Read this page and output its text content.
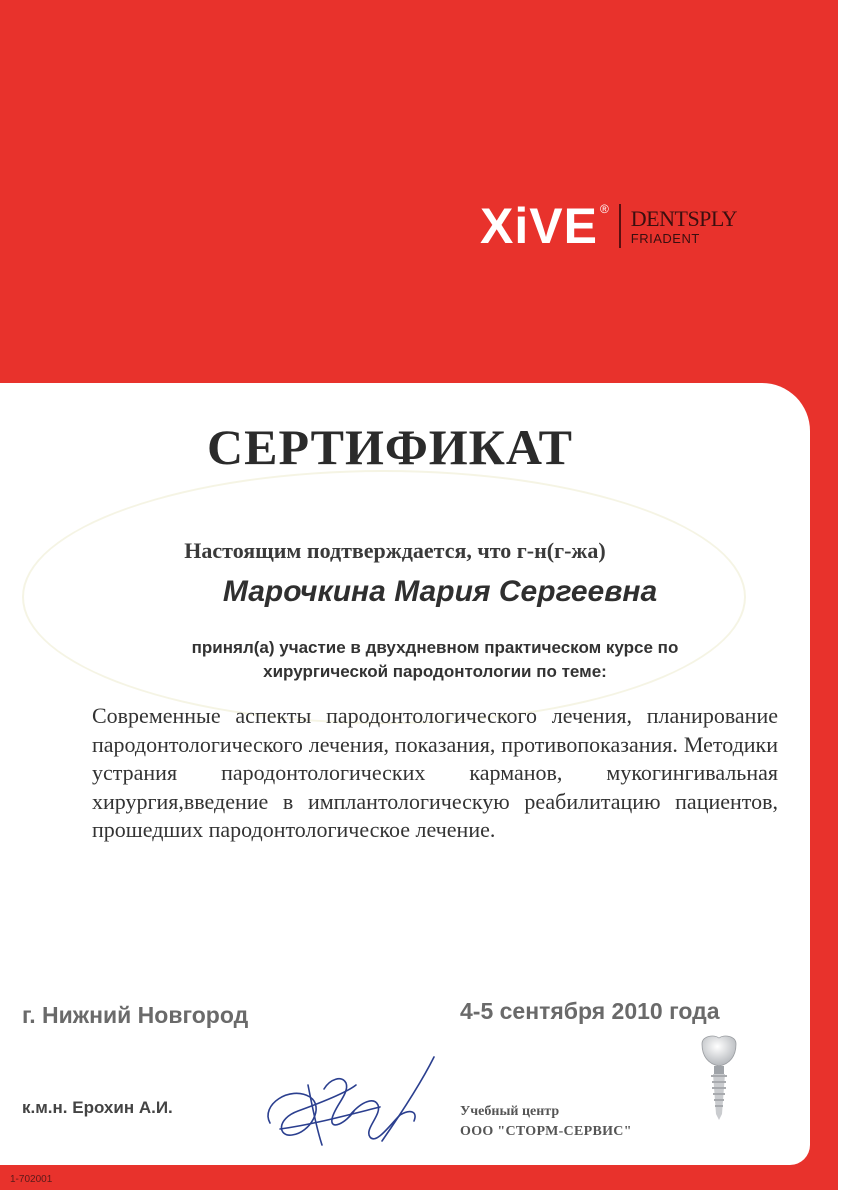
XiVE ® DENTSPLY
FRIADENT
СЕРТИФИКАТ
Настоящим подтверждается, что г-н(г-жа)
Марочкина Мария Сергеевна
принял(а) участие в двухдневном практическом курсе по
хирургической пародонтологии по теме:
Современные аспекты пародонтологического лечения, планирование пародонтологического лечения, показания, противопоказания. Методики устрания пародонтологических карманов, мукогингивальная хирургия,введение в имплантологическую реабилитацию пациентов, прошедших пародонтологическое лечение.
г. Нижний Новгород	4-5 сентября 2010 года
к.м.н. Ерохин А.И.	Учебный центр
ООО "СТОРМ-СЕРВИС"
1-702001
